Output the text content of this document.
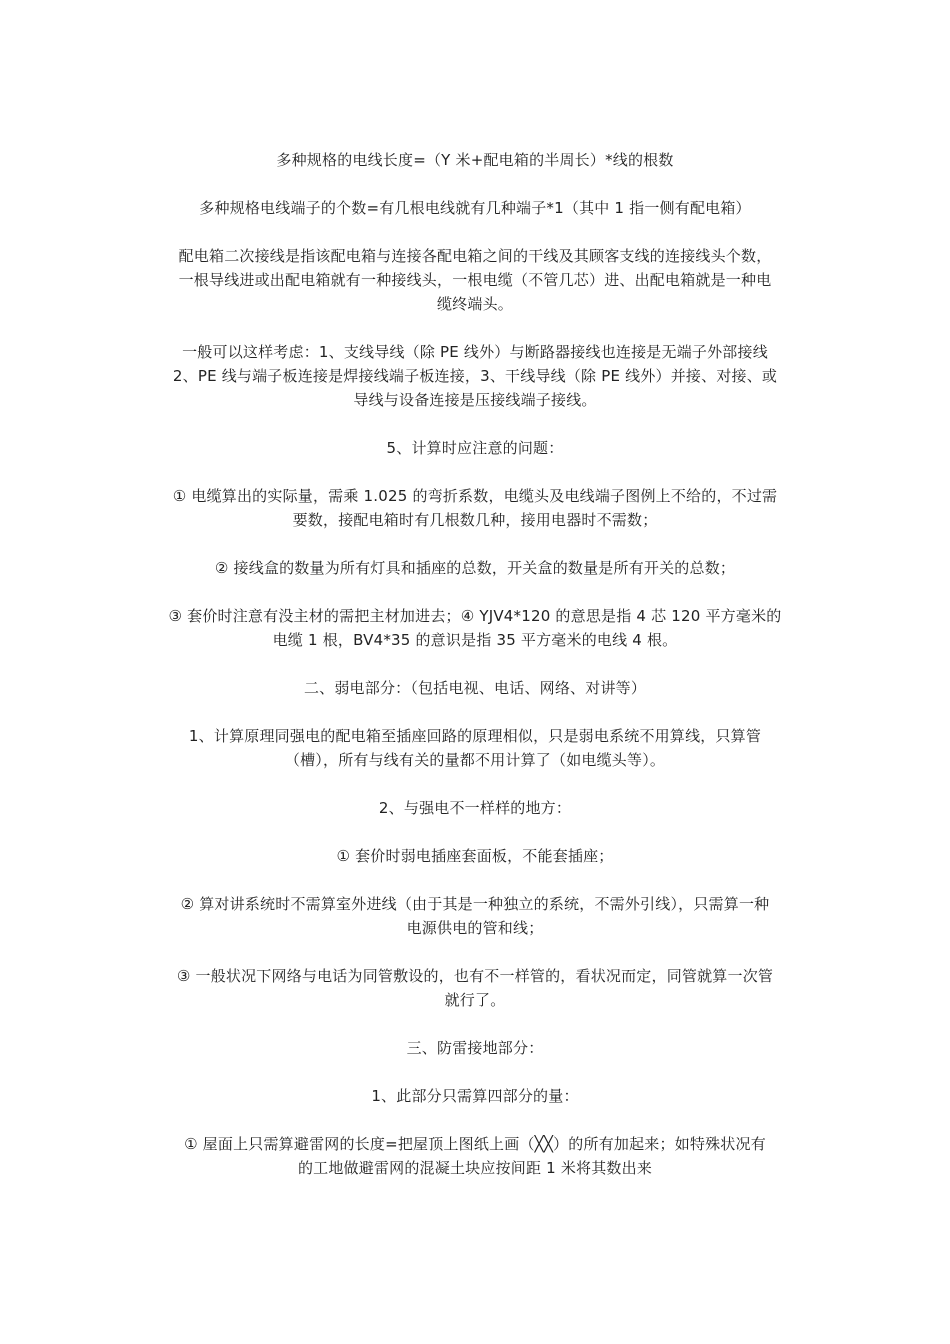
多种规格的电线长度=（Y 米+配电箱的半周长）*线的根数

多种规格电线端子的个数=有几根电线就有几种端子*1（其中 1 指一侧有配电箱）

配电箱二次接线是指该配电箱与连接各配电箱之间的干线及其顾客支线的连接线头个数，
一根导线进或出配电箱就有一种接线头，一根电缆（不管几芯）进、出配电箱就是一种电
缆终端头。

一般可以这样考虑：1、支线导线（除 PE 线外）与断路器接线也连接是无端子外部接线
2、PE 线与端子板连接是焊接线端子板连接，3、干线导线（除 PE 线外）并接、对接、或
导线与设备连接是压接线端子接线。

5、计算时应注意的问题：

① 电缆算出的实际量，需乘 1.025 的弯折系数，电缆头及电线端子图例上不给的，不过需
要数，接配电箱时有几根数几种，接用电器时不需数；

② 接线盒的数量为所有灯具和插座的总数，开关盒的数量是所有开关的总数；

③ 套价时注意有没主材的需把主材加进去；④ YJV4*120 的意思是指 4 芯 120 平方毫米的
电缆 1 根，BV4*35 的意识是指 35 平方毫米的电线 4 根。

二、弱电部分：（包括电视、电话、网络、对讲等）

1、计算原理同强电的配电箱至插座回路的原理相似，只是弱电系统不用算线，只算管
（槽），所有与线有关的量都不用计算了（如电缆头等）。

2、与强电不一样样的地方：

① 套价时弱电插座套面板，不能套插座；

② 算对讲系统时不需算室外进线（由于其是一种独立的系统，不需外引线），只需算一种
电源供电的管和线；

③ 一般状况下网络与电话为同管敷设的，也有不一样管的，看状况而定，同管就算一次管
就行了。

三、防雷接地部分：

1、此部分只需算四部分的量：

① 屋面上只需算避雷网的长度=把屋顶上图纸上画（╳╳）的所有加起来；如特殊状况有
的工地做避雷网的混凝土块应按间距 1 米将其数出来
